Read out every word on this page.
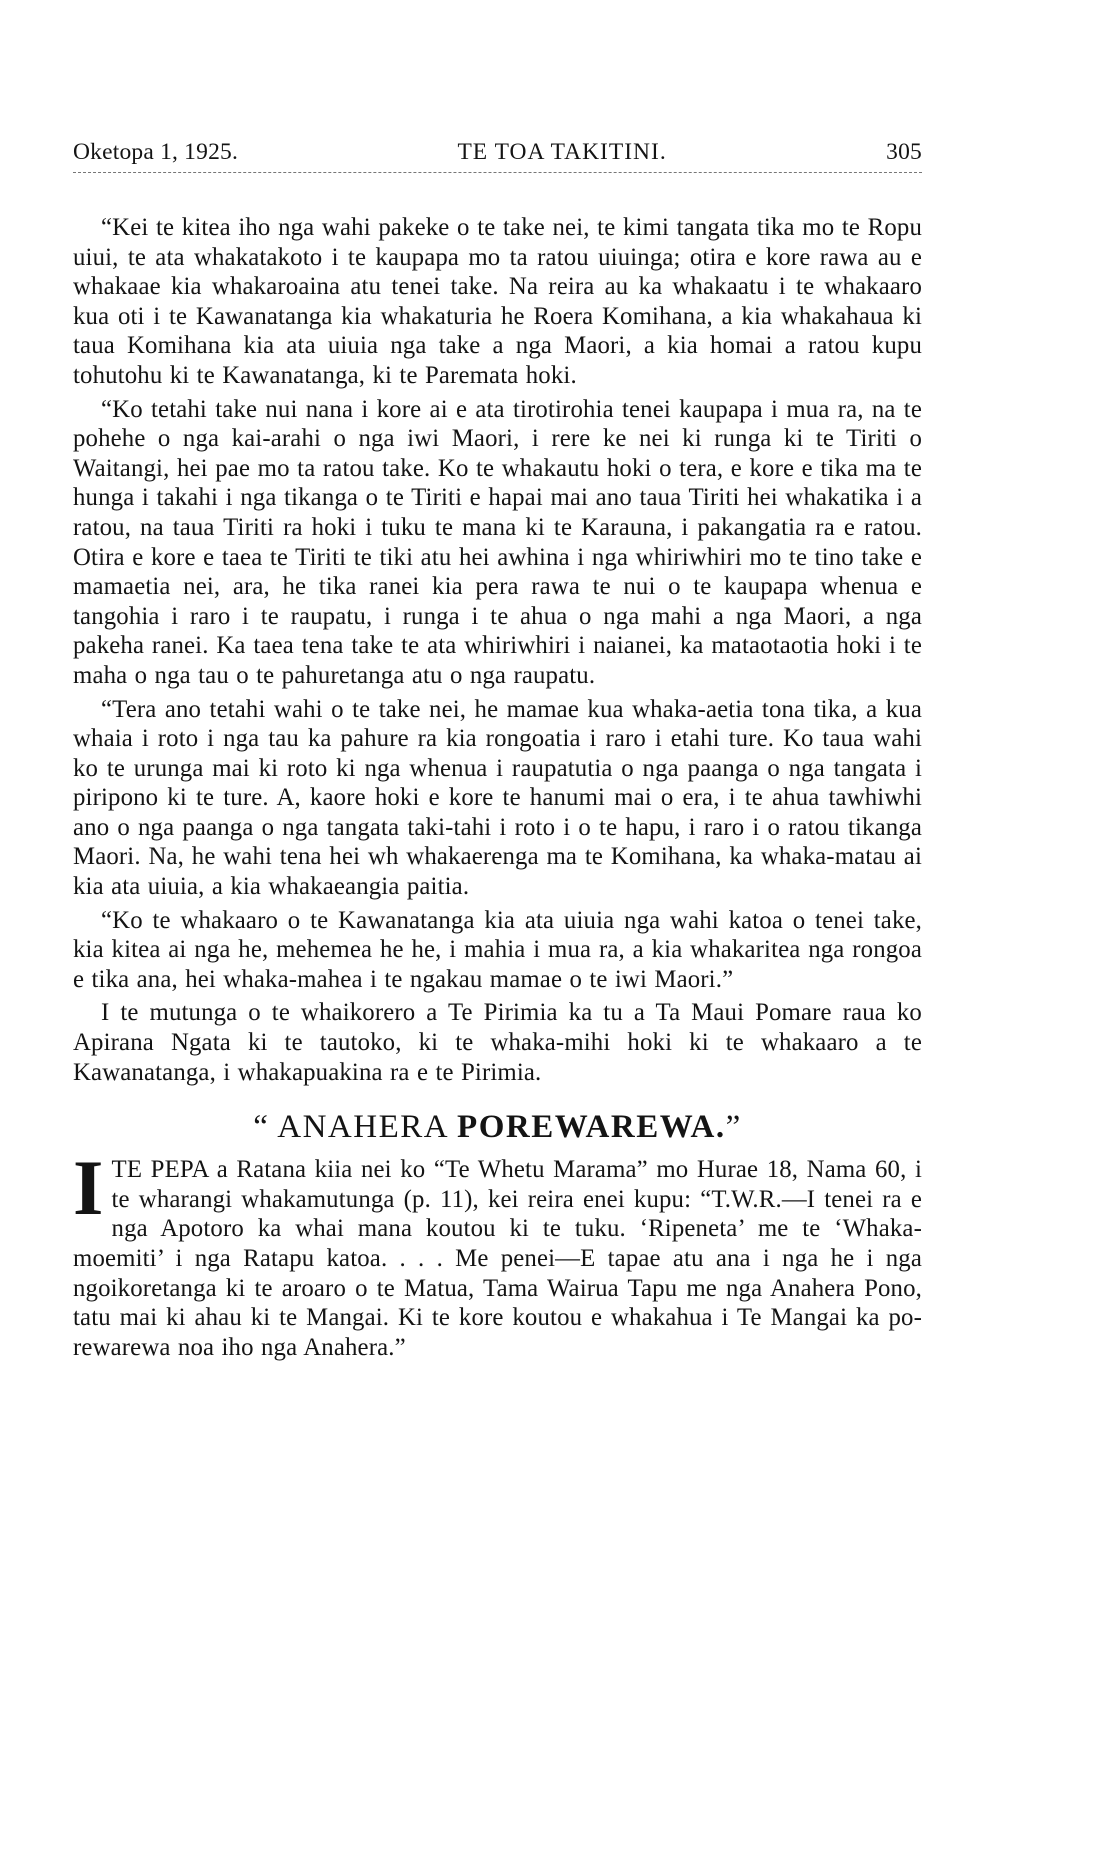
Oketopa 1, 1925.	TE TOA TAKITINI.	305

“Kei te kitea iho nga wahi pakeke o te take nei, te kimi tangata tika mo te Ropu uiui, te ata whakatakoto i te kaupapa mo ta ratou uiuinga; otira e kore rawa au e whakaae kia whakaroaina atu tenei take. Na reira au ka whakaatu i te whakaaro kua oti i te Kawanatanga kia whakaturia he Roera Komihana, a kia whakahaua ki taua Komihana kia ata uiuia nga take a nga Maori, a kia homai a ratou kupu tohutohu ki te Kawanatanga, ki te Paremata hoki.

“Ko tetahi take nui nana i kore ai e ata tirotirohia tenei kaupapa i mua ra, na te pohehe o nga kai-arahi o nga iwi Maori, i rere ke nei ki runga ki te Tiriti o Waitangi, hei pae mo ta ratou take. Ko te whakautu hoki o tera, e kore e tika ma te hunga i takahi i nga tikanga o te Tiriti e hapai mai ano taua Tiriti hei whakatika i a ratou, na taua Tiriti ra hoki i tuku te mana ki te Karauna, i pakangatia ra e ratou. Otira e kore e taea te Tiriti te tiki atu hei awhina i nga whiriwhiri mo te tino take e mamaetia nei, ara, he tika ranei kia pera rawa te nui o te kaupapa whenua e tangohia i raro i te raupatu, i runga i te ahua o nga mahi a nga Maori, a nga pakeha ranei. Ka taea tena take te ata whiriwhiri i naianei, ka mataotaotia hoki i te maha o nga tau o te pahuretanga atu o nga raupatu.

“Tera ano tetahi wahi o te take nei, he mamae kua whaka-aetia tona tika, a kua whaia i roto i nga tau ka pahure ra kia rongoatia i raro i etahi ture. Ko taua wahi ko te urunga mai ki roto ki nga whenua i raupatutia o nga paanga o nga tangata i piripono ki te ture. A, kaore hoki e kore te hanumi mai o era, i te ahua tawhiwhi ano o nga paanga o nga tangata taki-tahi i roto i o te hapu, i raro i o ratou tikanga Maori. Na, he wahi tena hei wh whakaerenga ma te Komihana, ka whaka-matau ai kia ata uiuia, a kia whakaeangia paitia.

“Ko te whakaaro o te Kawanatanga kia ata uiuia nga wahi katoa o tenei take, kia kitea ai nga he, mehemea he he, i mahia i mua ra, a kia whakaritea nga rongoa e tika ana, hei whaka-mahea i te ngakau mamae o te iwi Maori.”

I te mutunga o te whaikorero a Te Pirimia ka tu a Ta Maui Pomare raua ko Apirana Ngata ki te tautoko, ki te whaka-mihi hoki ki te whakaaro a te Kawanatanga, i whakapuakina ra e te Pirimia.

“ ANAHERA POREWAREWA.”

ITE PEPA a Ratana kiia nei ko “Te Whetu Marama” mo Hurae 18, Nama 60, i te wharangi whakamutunga (p. 11), kei reira enei kupu: “T.W.R.—I tenei ra e nga Apotoro ka whai mana koutou ki te tuku. ‘Ripeneta’ me te ‘Whaka-moemiti’ i nga Ratapu katoa. . . . Me penei—E tapae atu ana i nga he i nga ngoikoretanga ki te aroaro o te Matua, Tama Wairua Tapu me nga Anahera Pono, tatu mai ki ahau ki te Mangai. Ki te kore koutou e whakahua i Te Mangai ka po-rewarewa noa iho nga Anahera.”
